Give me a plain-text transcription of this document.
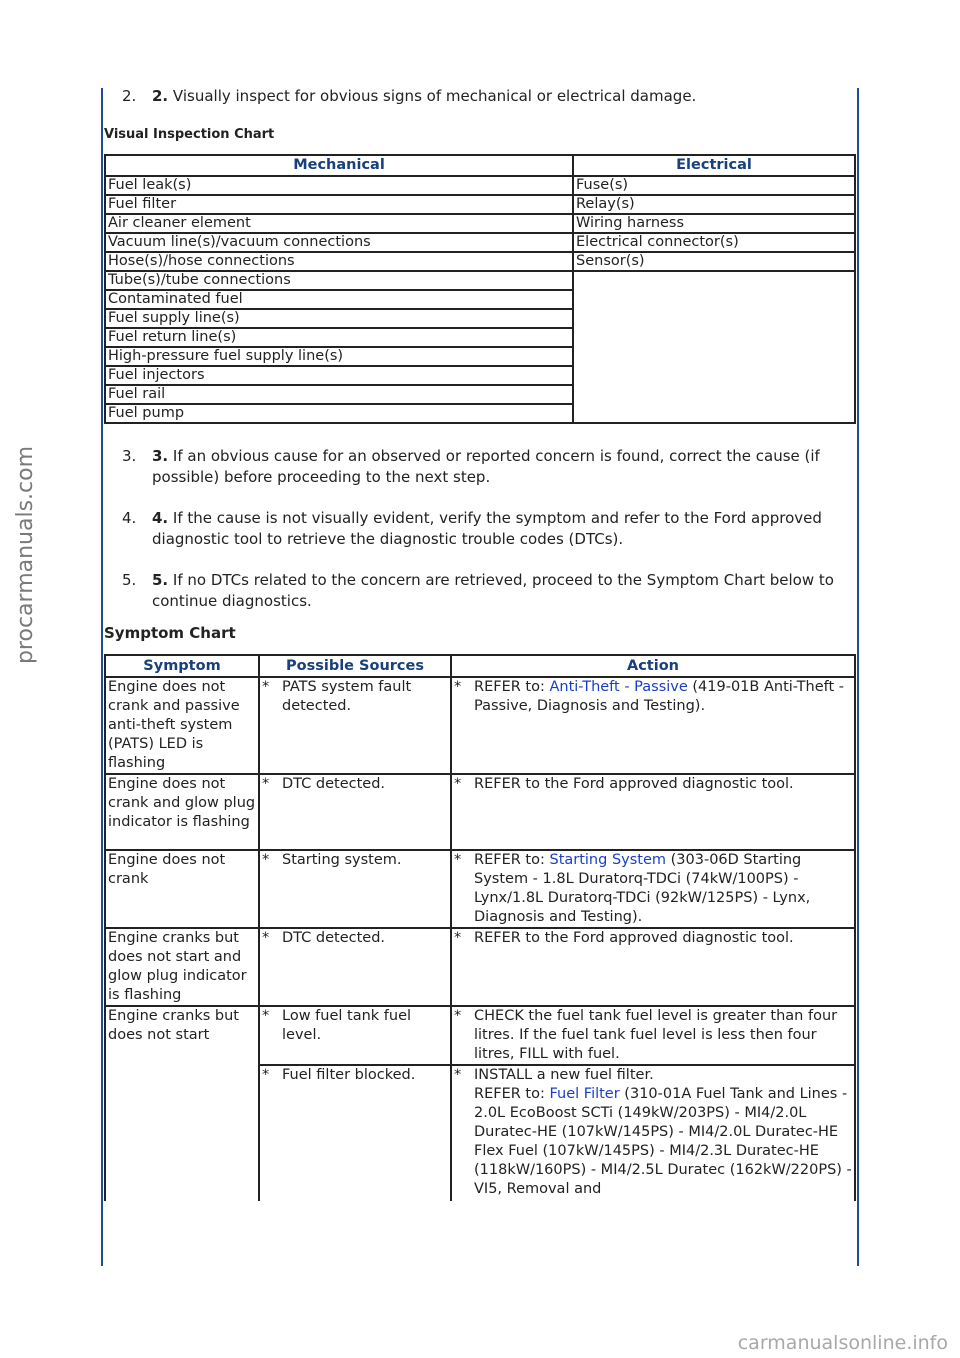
procarmanuals.com
carmanualsonline.info
2.	2. Visually inspect for obvious signs of mechanical or electrical damage.
Visual Inspection Chart
Mechanical	Electrical
Fuel leak(s)	Fuse(s)
Fuel filter	Relay(s)
Air cleaner element	Wiring harness
Vacuum line(s)/vacuum connections	Electrical connector(s)
Hose(s)/hose connections	Sensor(s)
Tube(s)/tube connections	
Contaminated fuel	
Fuel supply line(s)	
Fuel return line(s)	
High-pressure fuel supply line(s)	
Fuel injectors	
Fuel rail	
Fuel pump	
3.	3. If an obvious cause for an observed or reported concern is found, correct the cause (if possible) before proceeding to the next step.
4.	4. If the cause is not visually evident, verify the symptom and refer to the Ford approved diagnostic tool to retrieve the diagnostic trouble codes (DTCs).
5.	5. If no DTCs related to the concern are retrieved, proceed to the Symptom Chart below to continue diagnostics.
Symptom Chart
Symptom	Possible Sources	Action
Engine does not crank and passive anti-theft system (PATS) LED is flashing	* PATS system fault detected.	* REFER to: Anti-Theft - Passive (419-01B Anti-Theft - Passive, Diagnosis and Testing).

Engine does not crank and glow plug indicator is flashing	* DTC detected.	* REFER to the Ford approved diagnostic tool.

Engine does not crank	* Starting system.	* REFER to: Starting System (303-06D Starting System - 1.8L Duratorq-TDCi (74kW/100PS) - Lynx/1.8L Duratorq-TDCi (92kW/125PS) - Lynx, Diagnosis and Testing).

Engine cranks but does not start and glow plug indicator is flashing	* DTC detected.	* REFER to the Ford approved diagnostic tool.

Engine cranks but does not start	* Low fuel tank fuel level.	* CHECK the fuel tank fuel level is greater than four litres. If the fuel tank fuel level is less then four litres, FILL with fuel.

	* Fuel filter blocked.	* INSTALL a new fuel filter.
REFER to: Fuel Filter (310-01A Fuel Tank and Lines - 2.0L EcoBoost SCTi (149kW/203PS) - MI4/2.0L Duratec-HE (107kW/145PS) - MI4/2.0L Duratec-HE Flex Fuel (107kW/145PS) - MI4/2.3L Duratec-HE (118kW/160PS) - MI4/2.5L Duratec (162kW/220PS) - VI5, Removal and
